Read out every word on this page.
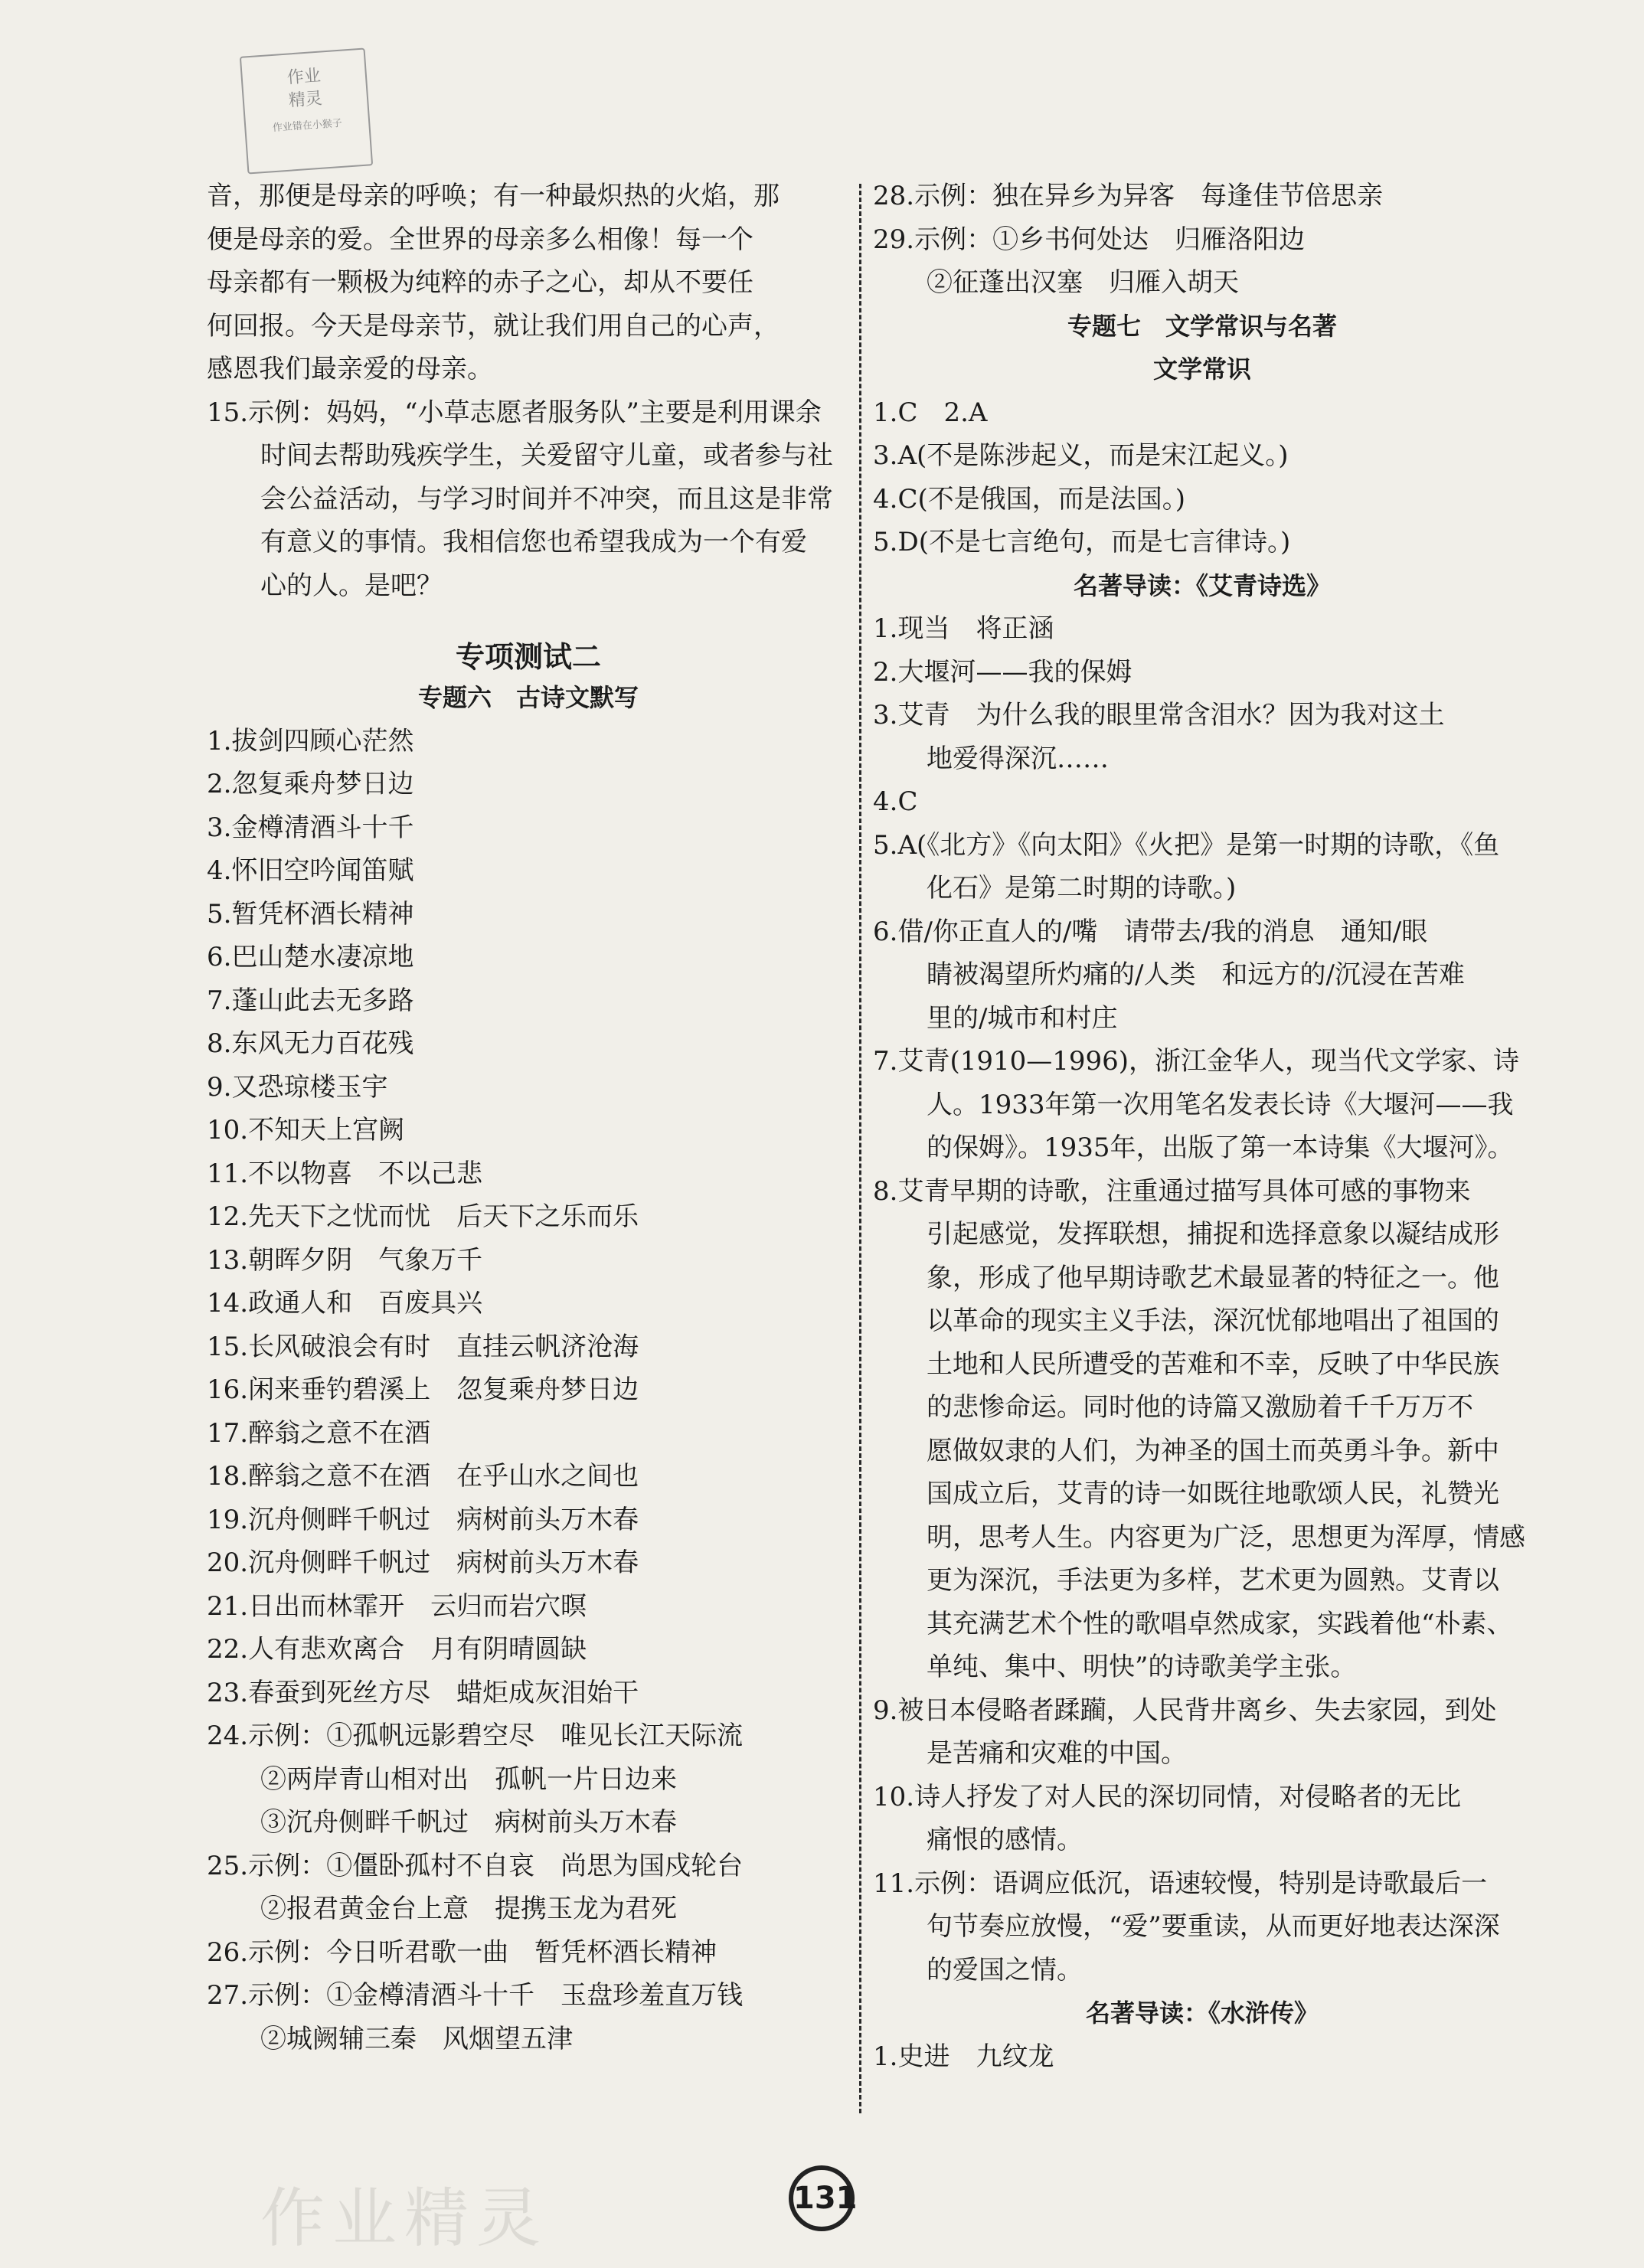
作业
精灵
作业错在小猴子
音，那便是母亲的呼唤；有一种最炽热的火焰，那
便是母亲的爱。全世界的母亲多么相像！每一个
母亲都有一颗极为纯粹的赤子之心，却从不要任
何回报。今天是母亲节，就让我们用自己的心声，
感恩我们最亲爱的母亲。
15.示例：妈妈，“小草志愿者服务队”主要是利用课余
时间去帮助残疾学生，关爱留守儿童，或者参与社
会公益活动，与学习时间并不冲突，而且这是非常
有意义的事情。我相信您也希望我成为一个有爱
心的人。是吧？
专项测试二
专题六　古诗文默写
1.拔剑四顾心茫然
2.忽复乘舟梦日边
3.金樽清酒斗十千
4.怀旧空吟闻笛赋
5.暂凭杯酒长精神
6.巴山楚水凄凉地
7.蓬山此去无多路
8.东风无力百花残
9.又恐琼楼玉宇
10.不知天上宫阙
11.不以物喜　不以己悲
12.先天下之忧而忧　后天下之乐而乐
13.朝晖夕阴　气象万千
14.政通人和　百废具兴
15.长风破浪会有时　直挂云帆济沧海
16.闲来垂钓碧溪上　忽复乘舟梦日边
17.醉翁之意不在酒
18.醉翁之意不在酒　在乎山水之间也
19.沉舟侧畔千帆过　病树前头万木春
20.沉舟侧畔千帆过　病树前头万木春
21.日出而林霏开　云归而岩穴暝
22.人有悲欢离合　月有阴晴圆缺
23.春蚕到死丝方尽　蜡炬成灰泪始干
24.示例：①孤帆远影碧空尽　唯见长江天际流
②两岸青山相对出　孤帆一片日边来
③沉舟侧畔千帆过　病树前头万木春
25.示例：①僵卧孤村不自哀　尚思为国戍轮台
②报君黄金台上意　提携玉龙为君死
26.示例：今日听君歌一曲　暂凭杯酒长精神
27.示例：①金樽清酒斗十千　玉盘珍羞直万钱
②城阙辅三秦　风烟望五津
28.示例：独在异乡为异客　每逢佳节倍思亲
29.示例：①乡书何处达　归雁洛阳边
②征蓬出汉塞　归雁入胡天
专题七　文学常识与名著
文学常识
1.C　2.A
3.A(不是陈涉起义，而是宋江起义。)
4.C(不是俄国，而是法国。)
5.D(不是七言绝句，而是七言律诗。)
名著导读：《艾青诗选》
1.现当　将正涵
2.大堰河——我的保姆
3.艾青　为什么我的眼里常含泪水？因为我对这土
地爱得深沉……
4.C
5.A(《北方》《向太阳》《火把》是第一时期的诗歌，《鱼
化石》是第二时期的诗歌。)
6.借/你正直人的/嘴　请带去/我的消息　通知/眼
睛被渴望所灼痛的/人类　和远方的/沉浸在苦难
里的/城市和村庄
7.艾青(1910—1996)，浙江金华人，现当代文学家、诗
人。1933年第一次用笔名发表长诗《大堰河——我
的保姆》。1935年，出版了第一本诗集《大堰河》。
8.艾青早期的诗歌，注重通过描写具体可感的事物来
引起感觉，发挥联想，捕捉和选择意象以凝结成形
象，形成了他早期诗歌艺术最显著的特征之一。他
以革命的现实主义手法，深沉忧郁地唱出了祖国的
土地和人民所遭受的苦难和不幸，反映了中华民族
的悲惨命运。同时他的诗篇又激励着千千万万不
愿做奴隶的人们，为神圣的国土而英勇斗争。新中
国成立后，艾青的诗一如既往地歌颂人民，礼赞光
明，思考人生。内容更为广泛，思想更为浑厚，情感
更为深沉，手法更为多样，艺术更为圆熟。艾青以
其充满艺术个性的歌唱卓然成家，实践着他“朴素、
单纯、集中、明快”的诗歌美学主张。
9.被日本侵略者蹂躏，人民背井离乡、失去家园，到处
是苦痛和灾难的中国。
10.诗人抒发了对人民的深切同情，对侵略者的无比
痛恨的感情。
11.示例：语调应低沉，语速较慢，特别是诗歌最后一
句节奏应放慢，“爱”要重读，从而更好地表达深深
的爱国之情。
名著导读：《水浒传》
1.史进　九纹龙
作业精灵	131
